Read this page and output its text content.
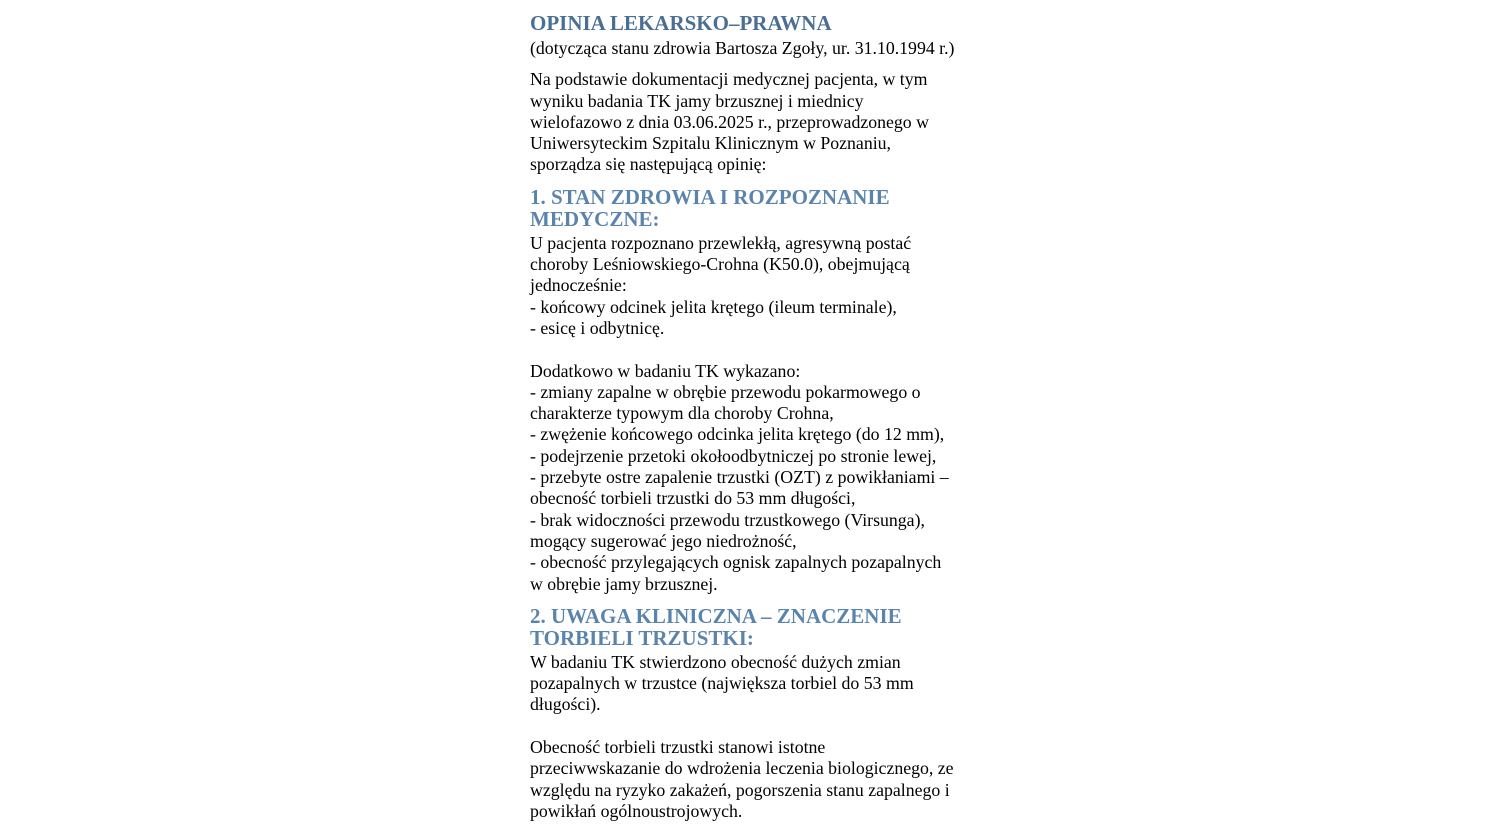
OPINIA LEKARSKO–PRAWNA
(dotycząca stanu zdrowia Bartosza Zgoły, ur. 31.10.1994 r.)
Na podstawie dokumentacji medycznej pacjenta, w tym
wyniku badania TK jamy brzusznej i miednicy
wielofazowo z dnia 03.06.2025 r., przeprowadzonego w
Uniwersyteckim Szpitalu Klinicznym w Poznaniu,
sporządza się następującą opinię:
1. STAN ZDROWIA I ROZPOZNANIE
MEDYCZNE:
U pacjenta rozpoznano przewlekłą, agresywną postać
choroby Leśniowskiego-Crohna (K50.0), obejmującą
jednocześnie:
- końcowy odcinek jelita krętego (ileum terminale),
- esicę i odbytnicę.
Dodatkowo w badaniu TK wykazano:
- zmiany zapalne w obrębie przewodu pokarmowego o
charakterze typowym dla choroby Crohna,
- zwężenie końcowego odcinka jelita krętego (do 12 mm),
- podejrzenie przetoki okołoodbytniczej po stronie lewej,
- przebyte ostre zapalenie trzustki (OZT) z powikłaniami –
obecność torbieli trzustki do 53 mm długości,
- brak widoczności przewodu trzustkowego (Virsunga),
mogący sugerować jego niedrożność,
- obecność przylegających ognisk zapalnych pozapalnych
w obrębie jamy brzusznej.
2. UWAGA KLINICZNA – ZNACZENIE
TORBIELI TRZUSTKI:
W badaniu TK stwierdzono obecność dużych zmian
pozapalnych w trzustce (największa torbiel do 53 mm
długości).
Obecność torbieli trzustki stanowi istotne
przeciwwskazanie do wdrożenia leczenia biologicznego, ze
względu na ryzyko zakażeń, pogorszenia stanu zapalnego i
powikłań ogólnoustrojowych.
